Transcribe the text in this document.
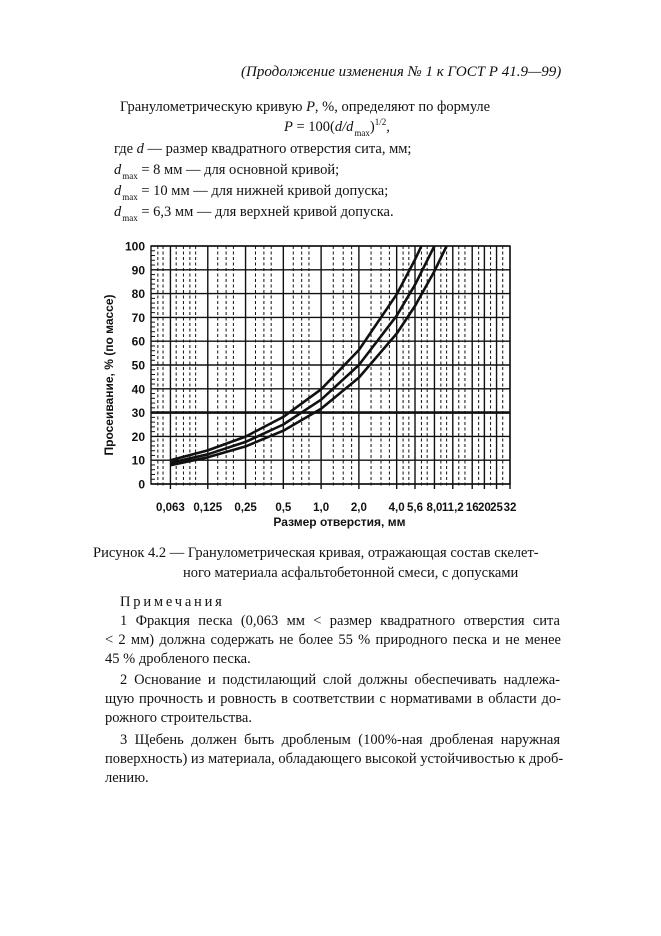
(Продолжение изменения № 1 к ГОСТ Р 41.9—99)
Гранулометрическую кривую P, %, определяют по формуле
$P = 100(d/d_{max})^{1/2}$,
где d — размер квадратного отверстия сита, мм;
$d_{max} = 8$ мм — для основной кривой;
$d_{max} = 10$ мм — для нижней кривой допуска;
$d_{max} = 6,3$ мм — для верхней кривой допуска.
0
10
20
30
40
50
60
70
80
90
100
0,063 0,125 0,25 0,5 1,0 2,0 4,0 5,6 8,0 11,2 16 20 25 32
Размер отверстия, мм
Просеивание, % (по массе)
Рисунок 4.2 — Гранулометрическая кривая, отражающая состав скелет-
ного материала асфальтобетонной смеси, с допусками
Примечания
1 Фракция песка (0,063 мм < размер квадратного отверстия сита
< 2 мм) должна содержать не более 55 % природного песка и не менее
45 % дробленого песка.
2 Основание и подстилающий слой должны обеспечивать надлежа-
щую прочность и ровность в соответствии с нормативами в области до-
рожного строительства.
3 Щебень должен быть дробленым (100%-ная дробленая наружная
поверхность) из материала, обладающего высокой устойчивостью к дроб-
лению.
